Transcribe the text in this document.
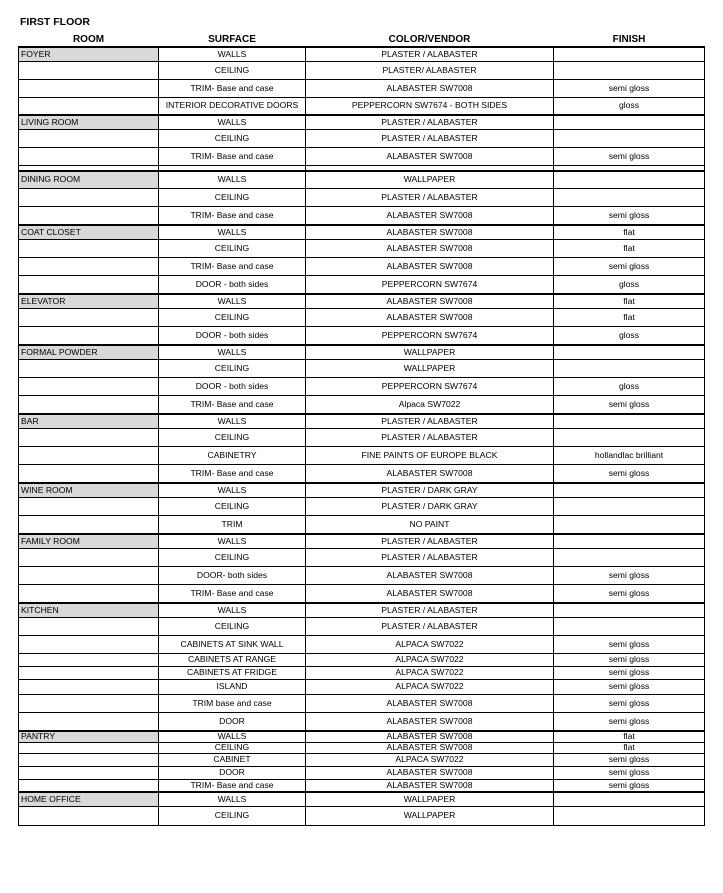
FIRST FLOOR
ROOM	SURFACE	COLOR/VENDOR	FINISH
FOYER	WALLS	PLASTER / ALABASTER	
	CEILING	PLASTER/ ALABASTER	
	TRIM- Base and case	ALABASTER SW7008	semi gloss
	INTERIOR DECORATIVE DOORS	PEPPERCORN SW7674 - BOTH SIDES	gloss
LIVING ROOM	WALLS	PLASTER / ALABASTER	
	CEILING	PLASTER / ALABASTER	
	TRIM- Base and case	ALABASTER SW7008	semi gloss

DINING ROOM	WALLS	WALLPAPER	
	CEILING	PLASTER / ALABASTER	
	TRIM- Base and case	ALABASTER SW7008	semi gloss
COAT CLOSET	WALLS	ALABASTER SW7008	flat
	CEILING	ALABASTER SW7008	flat
	TRIM- Base and case	ALABASTER SW7008	semi gloss
	DOOR - both sides	PEPPERCORN SW7674	gloss
ELEVATOR	WALLS	ALABASTER SW7008	flat
	CEILING	ALABASTER SW7008	flat
	DOOR - both sides	PEPPERCORN SW7674	gloss
FORMAL POWDER	WALLS	WALLPAPER	
	CEILING	WALLPAPER	
	DOOR - both sides	PEPPERCORN SW7674	gloss
	TRIM- Base and case	Alpaca SW7022	semi gloss
BAR	WALLS	PLASTER / ALABASTER	
	CEILING	PLASTER / ALABASTER	
	CABINETRY	FINE PAINTS OF EUROPE BLACK	hollandlac brilliant
	TRIM- Base and case	ALABASTER SW7008	semi gloss
WINE ROOM	WALLS	PLASTER / DARK GRAY	
	CEILING	PLASTER / DARK GRAY	
	TRIM	NO PAINT	
FAMILY ROOM	WALLS	PLASTER / ALABASTER	
	CEILING	PLASTER / ALABASTER	
	DOOR- both sides	ALABASTER SW7008	semi gloss
	TRIM- Base and case	ALABASTER SW7008	semi gloss
KITCHEN	WALLS	PLASTER / ALABASTER	
	CEILING	PLASTER / ALABASTER	
	CABINETS AT SINK WALL	ALPACA SW7022	semi gloss
	CABINETS AT RANGE	ALPACA SW7022	semi gloss
	CABINETS AT FRIDGE	ALPACA SW7022	semi gloss
	ISLAND	ALPACA SW7022	semi gloss
	TRIM base and case	ALABASTER SW7008	semi gloss
	DOOR	ALABASTER SW7008	semi gloss
PANTRY	WALLS	ALABASTER SW7008	flat
	CEILING	ALABASTER SW7008	flat
	CABINET	ALPACA SW7022	semi gloss
	DOOR	ALABASTER SW7008	semi gloss
	TRIM- Base and case	ALABASTER SW7008	semi gloss
HOME OFFICE	WALLS	WALLPAPER	
	CEILING	WALLPAPER	
